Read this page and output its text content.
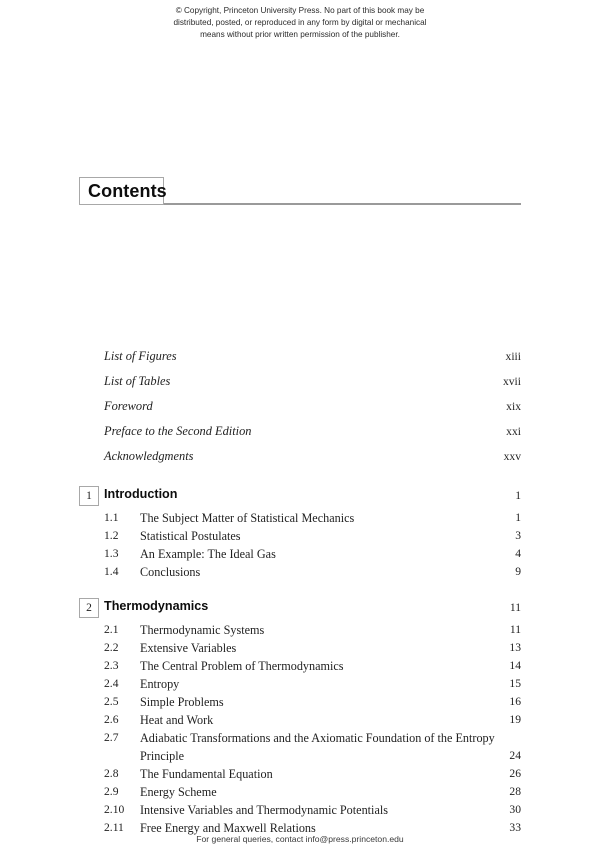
© Copyright, Princeton University Press. No part of this book may be
distributed, posted, or reproduced in any form by digital or mechanical
means without prior written permission of the publisher.
Contents
List of Figures	xiii
List of Tables	xvii
Foreword	xix
Preface to the Second Edition	xxi
Acknowledgments	xxv
1 Introduction	1
1.1	The Subject Matter of Statistical Mechanics	1
1.2	Statistical Postulates	3
1.3	An Example: The Ideal Gas	4
1.4	Conclusions	9
2 Thermodynamics	11
2.1	Thermodynamic Systems	11
2.2	Extensive Variables	13
2.3	The Central Problem of Thermodynamics	14
2.4	Entropy	15
2.5	Simple Problems	16
2.6	Heat and Work	19
2.7	Adiabatic Transformations and the Axiomatic Foundation of the Entropy Principle	24
2.8	The Fundamental Equation	26
2.9	Energy Scheme	28
2.10	Intensive Variables and Thermodynamic Potentials	30
2.11	Free Energy and Maxwell Relations	33
For general queries, contact info@press.princeton.edu
